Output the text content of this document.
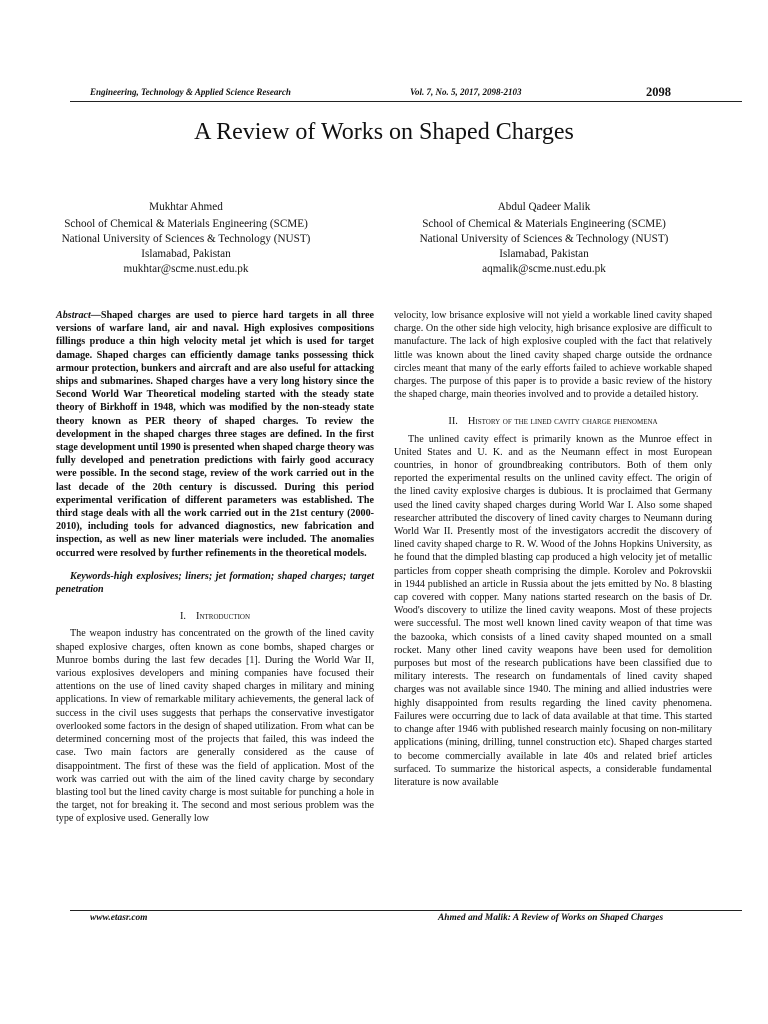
Engineering, Technology & Applied Science Research	Vol. 7, No. 5, 2017, 2098-2103	2098
A Review of Works on Shaped Charges
Mukhtar Ahmed
School of Chemical & Materials Engineering (SCME)
National University of Sciences & Technology (NUST)
Islamabad, Pakistan
mukhtar@scme.nust.edu.pk
Abdul Qadeer Malik
School of Chemical & Materials Engineering (SCME)
National University of Sciences & Technology (NUST)
Islamabad, Pakistan
aqmalik@scme.nust.edu.pk

Abstract—Shaped charges are used to pierce hard targets in all three versions of warfare land, air and naval. High explosives compositions fillings produce a thin high velocity metal jet which is used for target damage. Shaped charges can efficiently damage tanks possessing thick armour protection, bunkers and aircraft and are also useful for attacking ships and submarines. Shaped charges have a very long history since the Second World War Theoretical modeling started with the steady state theory of Birkhoff in 1948, which was modified by the non-steady state theory known as PER theory of shaped charges. To review the development in the shaped charges three stages are defined. In the first stage development until 1990 is presented when shaped charge theory was fully developed and penetration predictions with fairly good accuracy were possible. In the second stage, review of the work carried out in the last decade of the 20th century is discussed. During this period experimental verification of different parameters was established. The third stage deals with all the work carried out in the 21st century (2000-2010), including tools for advanced diagnostics, new fabrication and inspection, as well as new liner materials were included. The anomalies occurred were resolved by further refinements in the theoretical models.

Keywords-high explosives; liners; jet formation; shaped charges; target penetration

I. Introduction

The weapon industry has concentrated on the growth of the lined cavity shaped explosive charges, often known as cone bombs, shaped charges or Munroe bombs during the last few decades [1]. During the World War II, various explosives developers and mining companies have focused their attentions on the use of lined cavity shaped charges in military and mining applications. In view of remarkable military achievements, the general lack of success in the civil uses suggests that perhaps the conservative investigator overlooked some factors in the design of shaped utilization. From what can be determined concerning most of the projects that failed, this was indeed the case. Two main factors are generally considered as the cause of disappointment. The first of these was the field of application. Most of the work was carried out with the aim of the lined cavity charge by secondary blasting tool but the lined cavity charge is most suitable for punching a hole in the target, not for breaking it. The second and most serious problem was the type of explosive used. Generally low

velocity, low brisance explosive will not yield a workable lined cavity shaped charge. On the other side high velocity, high brisance explosive are difficult to manufacture. The lack of high explosive coupled with the fact that relatively little was known about the lined cavity shaped charge outside the ordnance circles meant that many of the early efforts failed to achieve workable shaped charges. The purpose of this paper is to provide a basic review of the history the shaped charge, main theories involved and to provide a detailed history.

II. History of the lined cavity charge phenomena

The unlined cavity effect is primarily known as the Munroe effect in United States and U. K. and as the Neumann effect in most European countries, in honor of groundbreaking contributors. Both of them only reported the experimental results on the unlined cavity effect. The origin of the lined cavity explosive charges is dubious. It is proclaimed that Germany used the lined cavity shaped charges during World War I. Also some shaped researcher attributed the discovery of lined cavity charges to Neumann during World War II. Presently most of the investigators accredit the discovery of lined cavity shaped charge to R. W. Wood of the Johns Hopkins University, as he found that the dimpled blasting cap produced a high velocity jet of metallic particles from copper sheath comprising the dimple. Korolev and Pokrovskii in 1944 published an article in Russia about the jets emitted by No. 8 blasting cap covered with copper. Many nations started research on the basis of Dr. Wood's discovery to utilize the lined cavity weapons. Most of these projects were successful. The most well known lined cavity weapon of that time was the bazooka, which consists of a lined cavity shaped mounted on a small rocket. Many other lined cavity weapons have been used for demolition purposes but most of the research publications have been classified due to military interests. The research on fundamentals of lined cavity shaped charges was not available since 1940. The mining and allied industries were highly disappointed from results regarding the lined cavity phenomena. Failures were occurring due to lack of data available at that time. This started to change after 1946 with published research mainly focusing on non-military applications (mining, drilling, tunnel construction etc). Shaped charges started to become commercially available in late 40s and related brief articles surfaced. To summarize the historical aspects, a considerable fundamental literature is now available

www.etasr.com	Ahmed and Malik: A Review of Works on Shaped Charges
